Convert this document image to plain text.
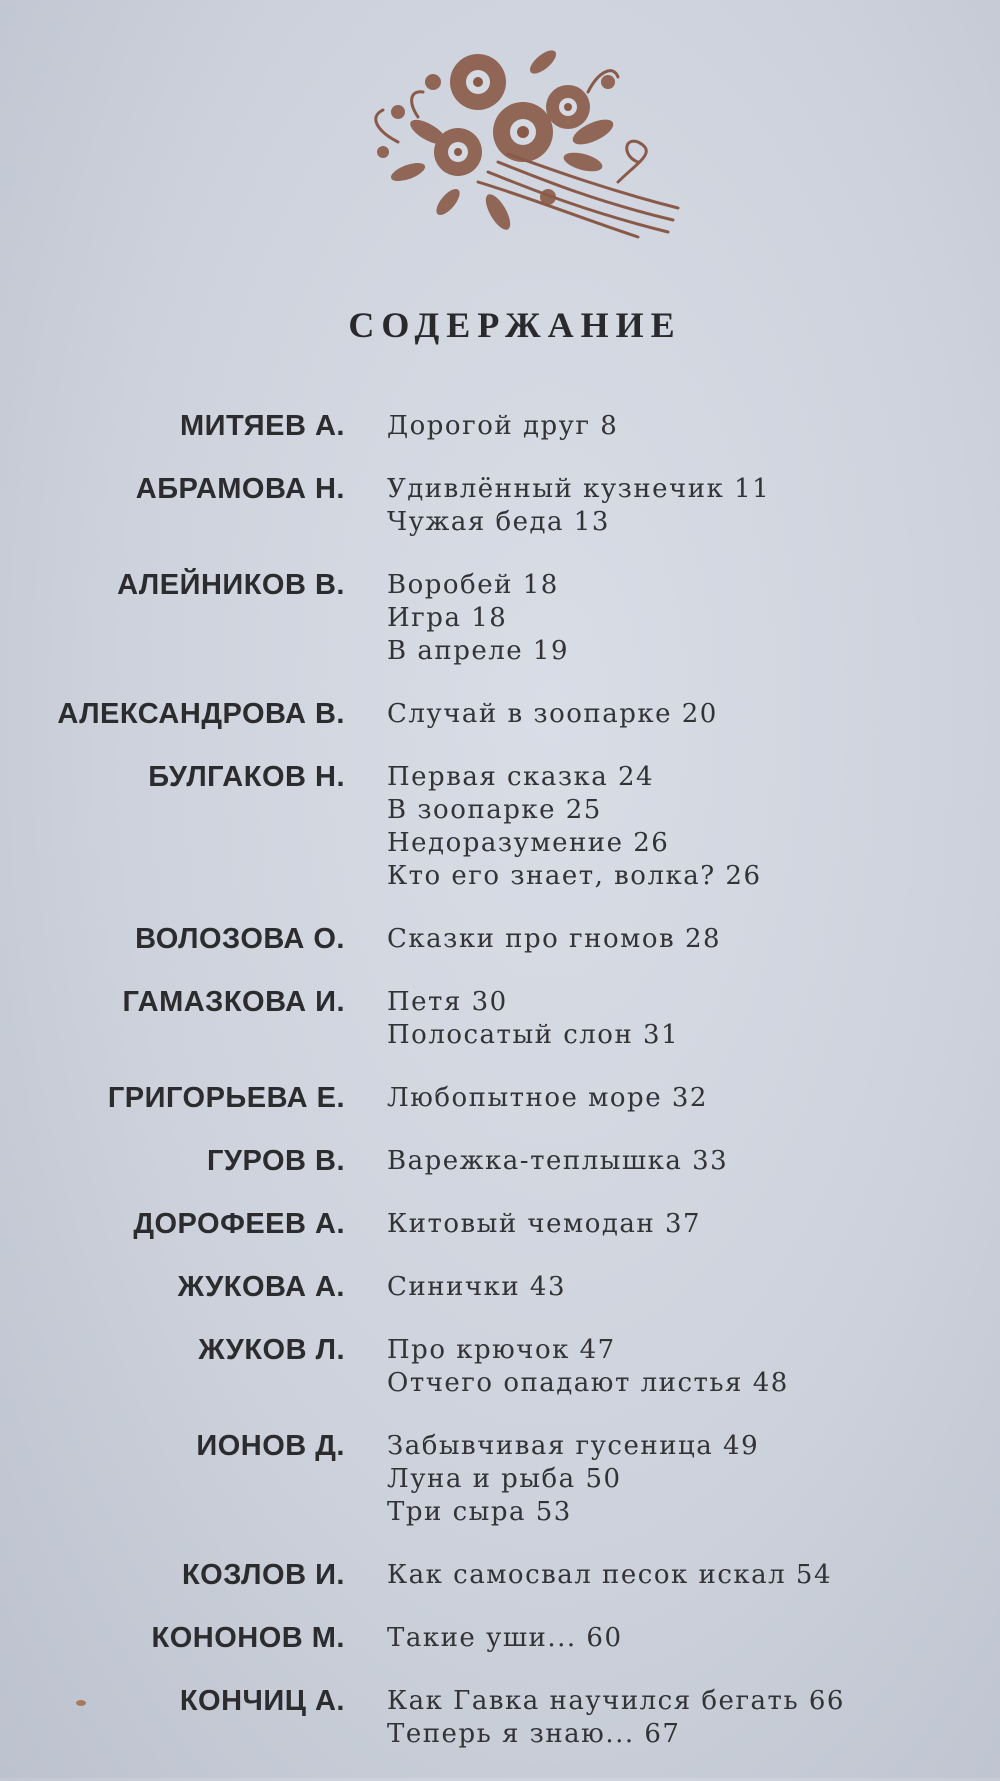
СОДЕРЖАНИЕ
МИТЯЕВ А. Дорогой друг 8
АБРАМОВА Н. Удивлённый кузнечик 11
Чужая беда 13
АЛЕЙНИКОВ В. Воробей 18
Игра 18
В апреле 19
АЛЕКСАНДРОВА В. Случай в зоопарке 20
БУЛГАКОВ Н. Первая сказка 24
В зоопарке 25
Недоразумение 26
Кто его знает, волка? 26
ВОЛОЗОВА О. Сказки про гномов 28
ГАМАЗКОВА И. Петя 30
Полосатый слон 31
ГРИГОРЬЕВА Е. Любопытное море 32
ГУРОВ В. Варежка-теплышка 33
ДОРОФЕЕВ А. Китовый чемодан 37
ЖУКОВА А. Синички 43
ЖУКОВ Л. Про крючок 47
Отчего опадают листья 48
ИОНОВ Д. Забывчивая гусеница 49
Луна и рыба 50
Три сыра 53
КОЗЛОВ И. Как самосвал песок искал 54
КОНОНОВ М. Такие уши... 60
КОНЧИЦ А. Как Гавка научился бегать 66
Теперь я знаю... 67
